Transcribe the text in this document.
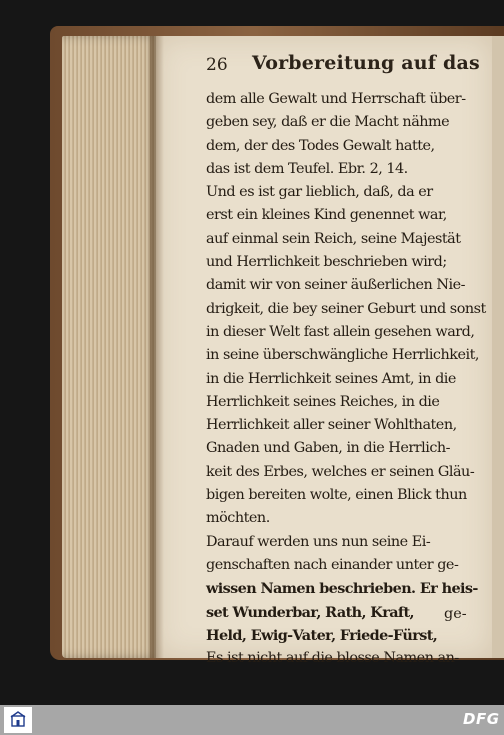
26 Vorbereitung auf das
dem alle Gewalt und Herrschaft über‑
geben sey, daß er die Macht nähme
dem, der des Todes Gewalt hatte,
das ist dem Teufel. Ebr. 2, 14.
Und es ist gar lieblich, daß, da er
erst ein kleines Kind genennet war,
auf einmal sein Reich, seine Majestät
und Herrlichkeit beschrieben wird;
damit wir von seiner äußerlichen Nie‑
drigkeit, die bey seiner Geburt und sonst
in dieser Welt fast allein gesehen ward,
in seine überschwängliche Herrlichkeit,
in die Herrlichkeit seines Amt, in die
Herrlichkeit seines Reiches, in die
Herrlichkeit aller seiner Wohlthaten,
Gnaden und Gaben, in die Herrlich‑
keit des Erbes, welches er seinen Gläu‑
bigen bereiten wolte, einen Blick thun
möchten.
Darauf werden uns nun seine Ei‑
genschaften nach einander unter ge‑
wissen Namen beschrieben. Er heis‑
set Wunderbar, Rath, Kraft,
Held, Ewig‑Vater, Friede‑Fürst,
Es ist nicht auf die blosse Namen an‑
ge‑
DFG
